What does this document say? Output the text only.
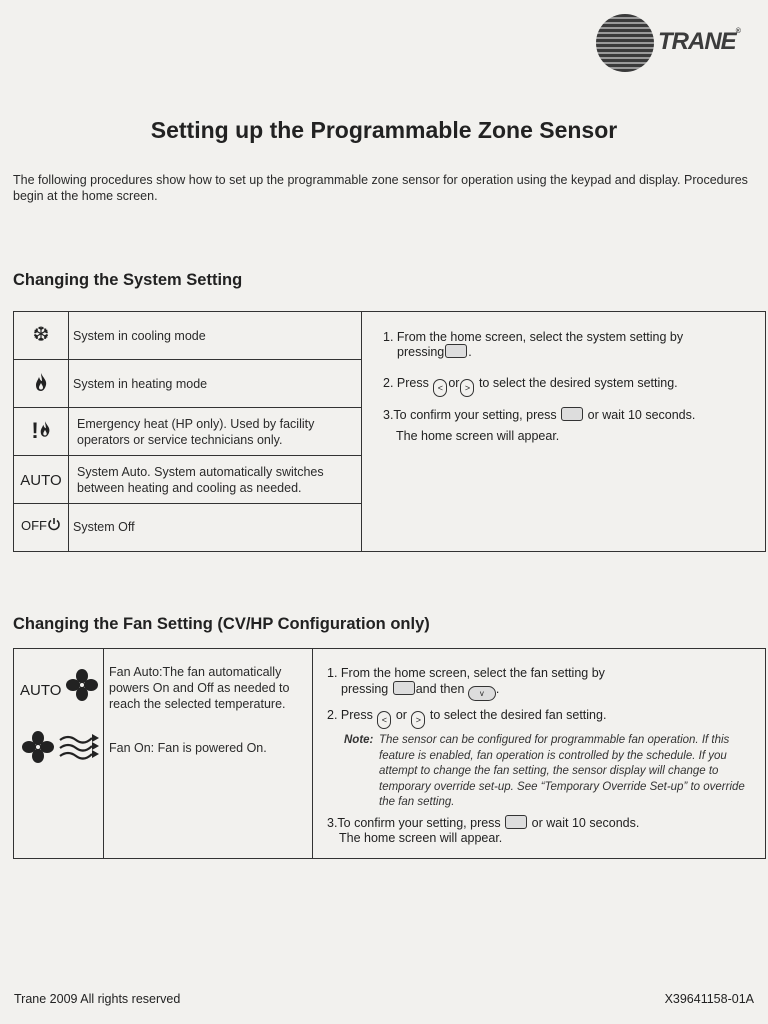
TRANE®
Setting up the Programmable Zone Sensor
The following procedures show how to set up the programmable zone sensor for operation using the keypad and display. Procedures begin at the home screen.
Changing the System Setting
❆	System in cooling mode
System in heating mode
!	Emergency heat (HP only). Used by facility operators or service technicians only.
AUTO	System Auto. System automatically switches between heating and cooling as needed.
OFF	System Off
1. From the home screen, select the system setting by
pressing .
2. Press < or > to select the desired system setting.
3.To confirm your setting, press or wait 10 seconds.
The home screen will appear.
Changing the Fan Setting (CV/HP Configuration only)
AUTO
Fan Auto:The fan automatically powers On and Off as needed to reach the selected temperature.

Fan On: Fan is powered On.
1. From the home screen, select the fan setting by
pressing and then v .
2. Press < or > to select the desired fan setting.
Note: The sensor can be configured for programmable fan operation. If this feature is enabled, fan operation is controlled by the schedule. If you attempt to change the fan setting, the sensor display will change to temporary override set-up. See “Temporary Override Set-up” to override the fan setting.
3.To confirm your setting, press or wait 10 seconds.
The home screen will appear.
Trane 2009 All rights reserved	X39641158-01A
